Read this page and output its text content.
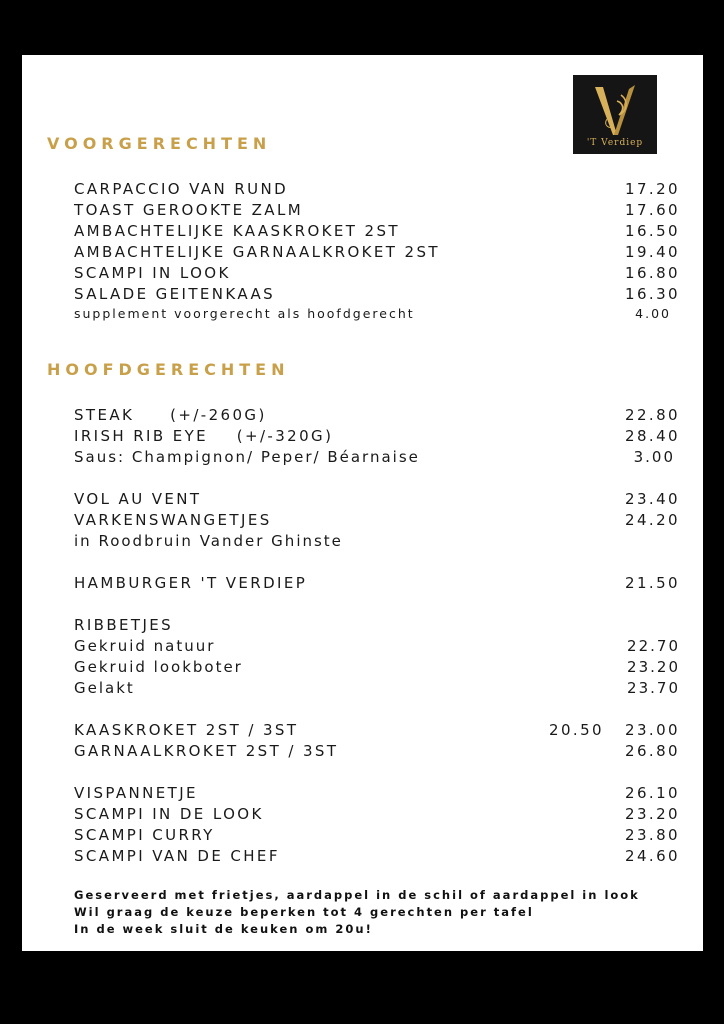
'T Verdiep
VOORGERECHTEN
CARPACCIO VAN RUND	17.20
TOAST GEROOKTE ZALM	17.60
AMBACHTELIJKE KAASKROKET 2ST	16.50
AMBACHTELIJKE GARNAALKROKET 2ST	19.40
SCAMPI IN LOOK	16.80
SALADE GEITENKAAS	16.30
supplement voorgerecht als hoofdgerecht	4.00
HOOFDGERECHTEN
STEAK     (+/-260G)	22.80
IRISH RIB EYE    (+/-320G)	28.40
Saus: Champignon/ Peper/ Béarnaise	3.00
VOL AU VENT	23.40
VARKENSWANGETJES	24.20
in Roodbruin Vander Ghinste
HAMBURGER 'T VERDIEP	21.50
RIBBETJES
Gekruid natuur	22.70
Gekruid lookboter	23.20
Gelakt	23.70
KAASKROKET 2ST / 3ST	20.50 23.00
GARNAALKROKET 2ST / 3ST	26.80
VISPANNETJE	26.10
SCAMPI IN DE LOOK	23.20
SCAMPI CURRY	23.80
SCAMPI VAN DE CHEF	24.60
Geserveerd met frietjes, aardappel in de schil of aardappel in look
Wil graag de keuze beperken tot 4 gerechten per tafel
In de week sluit de keuken om 20u!
